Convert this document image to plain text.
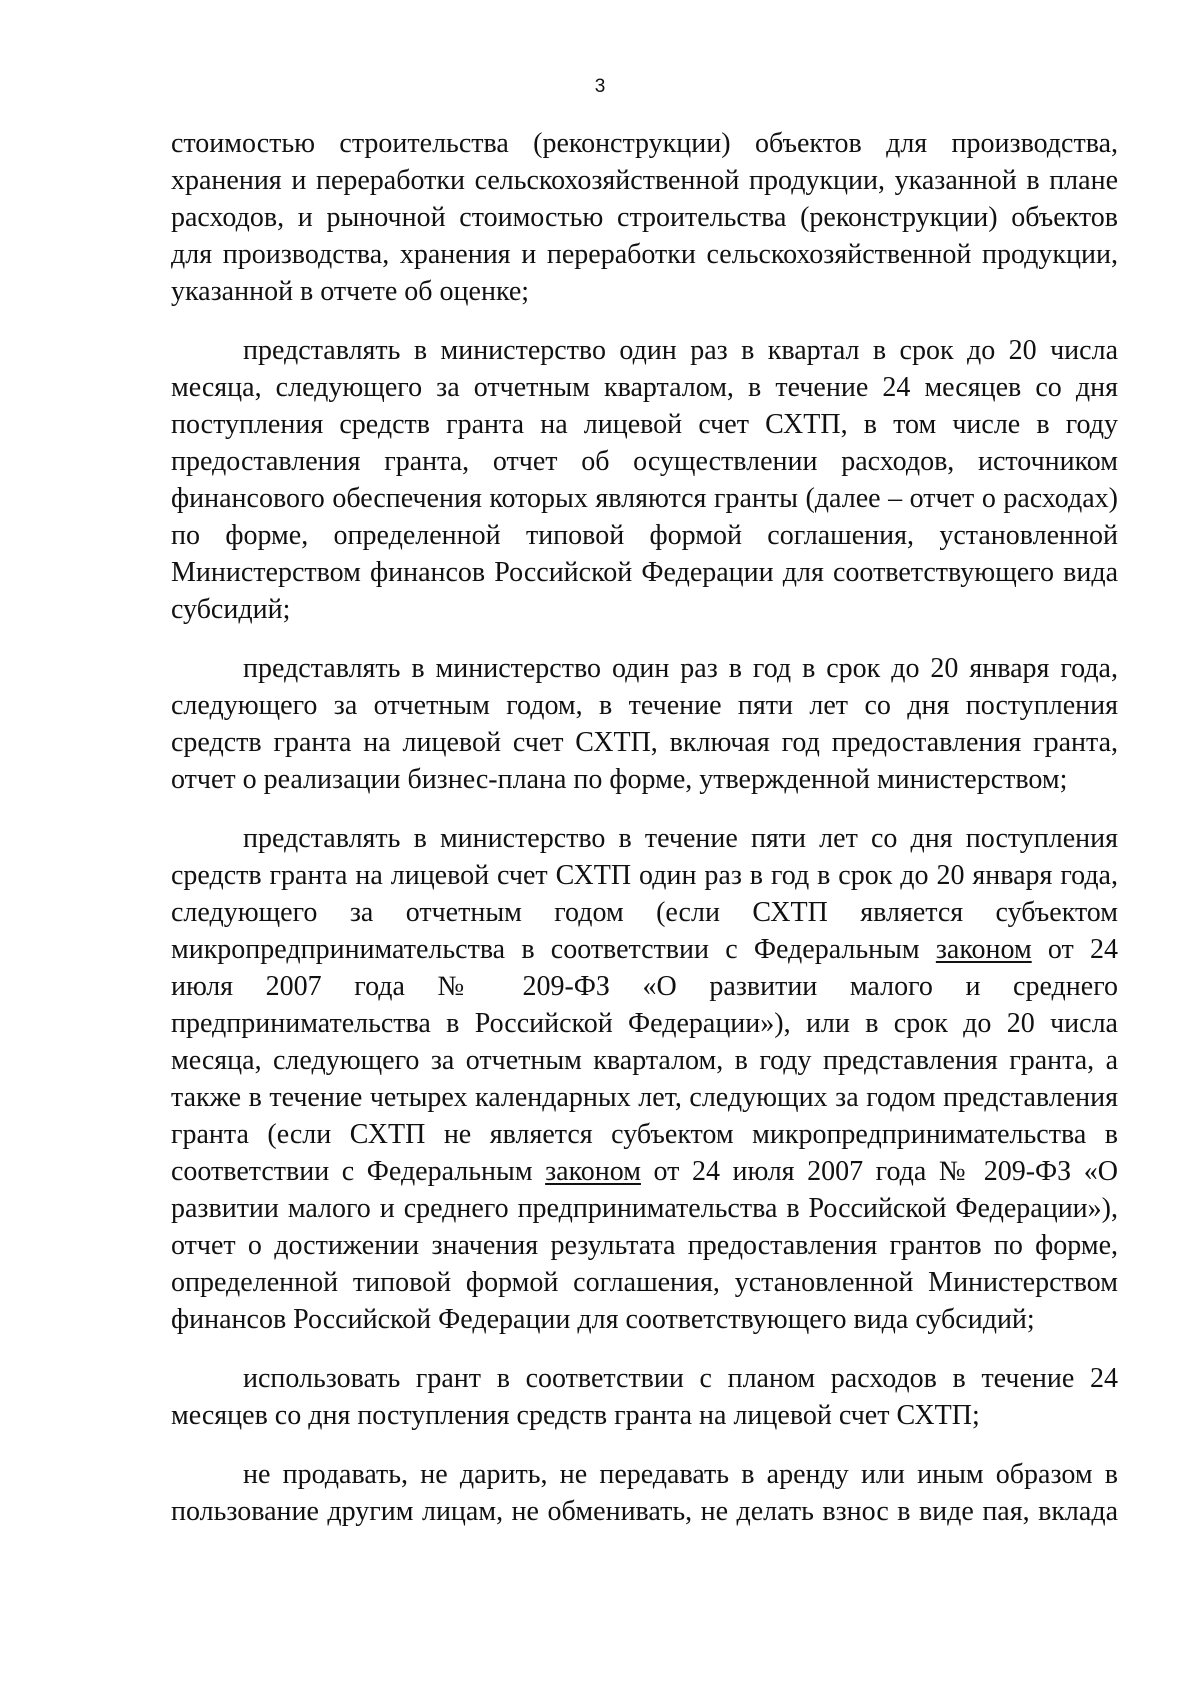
3

стоимостью строительства (реконструкции) объектов для производства, хранения и переработки сельскохозяйственной продукции, указанной в плане расходов, и рыночной стоимостью строительства (реконструкции) объектов для производства, хранения и переработки сельскохозяйственной продукции, указанной в отчете об оценке;

представлять в министерство один раз в квартал в срок до 20 числа месяца, следующего за отчетным кварталом, в течение 24 месяцев со дня поступления средств гранта на лицевой счет СХТП, в том числе в году предоставления гранта, отчет об осуществлении расходов, источником финансового обеспечения которых являются гранты (далее – отчет о расходах) по форме, определенной типовой формой соглашения, установленной Министерством финансов Российской Федерации для соответствующего вида субсидий;

представлять в министерство один раз в год в срок до 20 января года, следующего за отчетным годом, в течение пяти лет со дня поступления средств гранта на лицевой счет СХТП, включая год предоставления гранта, отчет о реализации бизнес-плана по форме, утвержденной министерством;

представлять в министерство в течение пяти лет со дня поступления средств гранта на лицевой счет СХТП один раз в год в срок до 20 января года, следующего за отчетным годом (если СХТП является субъектом микропредпринимательства в соответствии с Федеральным законом от 24 июля 2007 года № 209-ФЗ «О развитии малого и среднего предпринимательства в Российской Федерации»), или в срок до 20 числа месяца, следующего за отчетным кварталом, в году представления гранта, а также в течение четырех календарных лет, следующих за годом представления гранта (если СХТП не является субъектом микропредпринимательства в соответствии с Федеральным законом от 24 июля 2007 года № 209-ФЗ «О развитии малого и среднего предпринимательства в Российской Федерации»), отчет о достижении значения результата предоставления грантов по форме, определенной типовой формой соглашения, установленной Министерством финансов Российской Федерации для соответствующего вида субсидий;

использовать грант в соответствии с планом расходов в течение 24 месяцев со дня поступления средств гранта на лицевой счет СХТП;

не продавать, не дарить, не передавать в аренду или иным образом в пользование другим лицам, не обменивать, не делать взнос в виде пая, вклада
